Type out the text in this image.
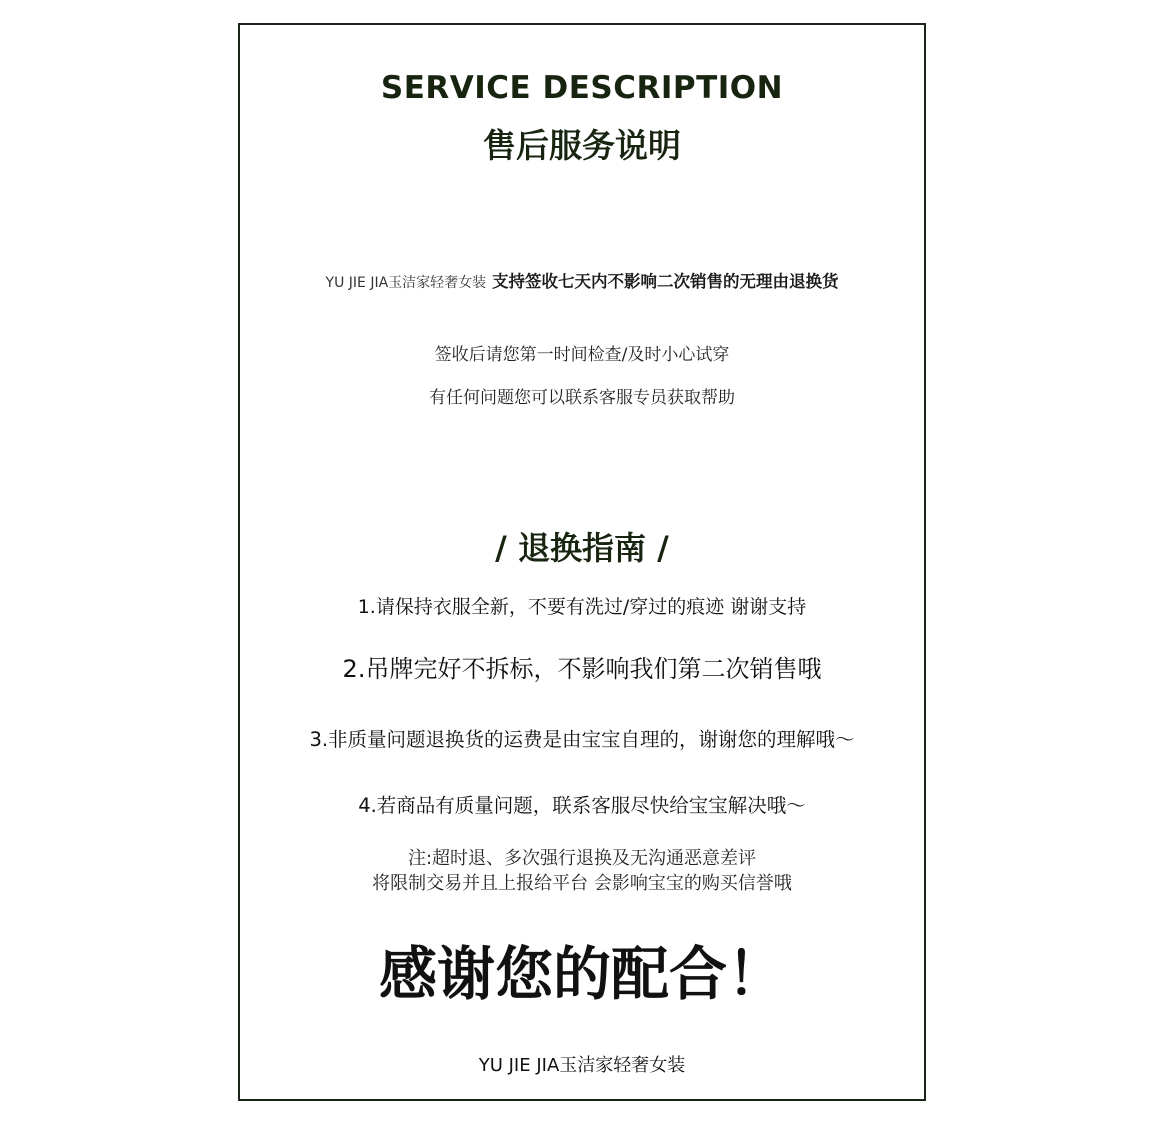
SERVICE DESCRIPTION
售后服务说明
YU JIE JIA玉洁家轻奢女装 支持签收七天内不影响二次销售的无理由退换货
签收后请您第一时间检查/及时小心试穿
有任何问题您可以联系客服专员获取帮助
/ 退换指南 /
1.请保持衣服全新，不要有洗过/穿过的痕迹 谢谢支持
2.吊牌完好不拆标，不影响我们第二次销售哦
3.非质量问题退换货的运费是由宝宝自理的，谢谢您的理解哦～
4.若商品有质量问题，联系客服尽快给宝宝解决哦～
注:超时退、多次强行退换及无沟通恶意差评
将限制交易并且上报给平台 会影响宝宝的购买信誉哦
感谢您的配合！
YU JIE JIA玉洁家轻奢女装
